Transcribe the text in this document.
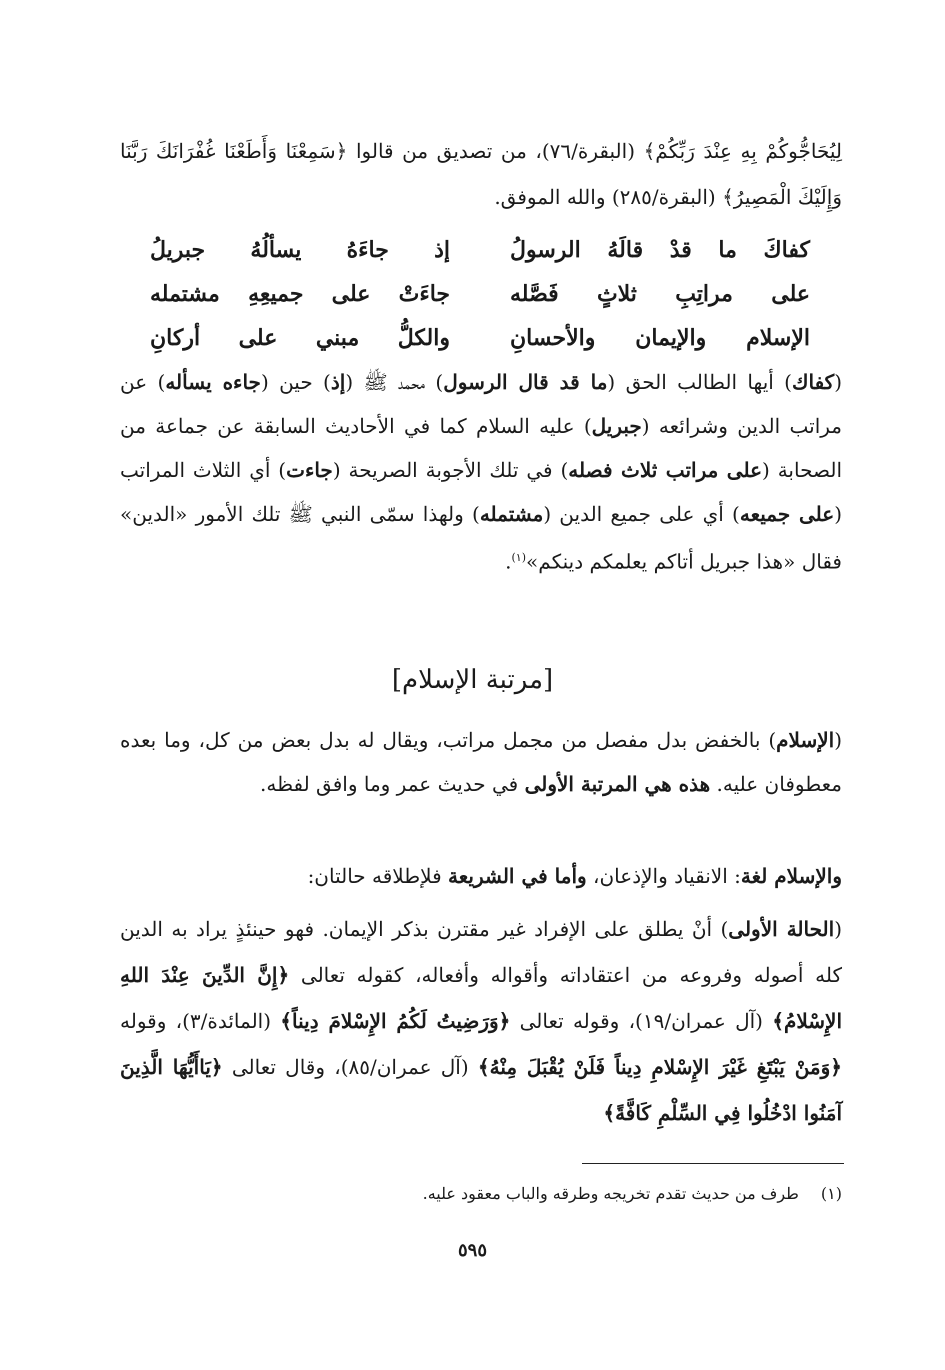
لِيُحَاجُّوكُمْ بِهِ عِنْدَ رَبِّكُمْ﴾ (البقرة/٧٦)، من تصديق من قالوا ﴿سَمِعْنَا وَأَطَعْنَا غُفْرَانَكَ رَبَّنَا وَإِلَيْكَ الْمَصِيرُ﴾ (البقرة/٢٨٥) والله الموفق.
كفاكَ ما قدْ قالَهُ الرسولُ
إذ جاءَهُ يسألُهُ جبريلُ
على مراتِبِ ثلاثٍ فَصَّله
جاءَتْ على جميعِهِ مشتمله
الإسلام والإيمان والأحسانِ
والكلُّ مبني على أركانِ
(كفاك) أيها الطالب الحق (ما قد قال الرسول) محمد ﷺ (إذ) حين (جاءه يسأله) عن مراتب الدين وشرائعه (جبريل) عليه السلام كما في الأحاديث السابقة عن جماعة من الصحابة (على مراتب ثلاث فصله) في تلك الأجوبة الصريحة (جاءت) أي الثلاث المراتب (على جميعه) أي على جميع الدين (مشتمله) ولهذا سمّى النبي ﷺ تلك الأمور «الدين» فقال «هذا جبريل أتاكم يعلمكم دينكم»$^{(١)}$.
[مرتبة الإسلام]
(الإسلام) بالخفض بدل مفصل من مجمل مراتب، ويقال له بدل بعض من كل، وما بعده معطوفان عليه. هذه هي المرتبة الأولى في حديث عمر وما وافق لفظه.
والإسلام لغة: الانقياد والإذعان، وأما في الشريعة فلإطلاقه حالتان:
(الحالة الأولى) أنْ يطلق على الإفراد غير مقترن بذكر الإيمان. فهو حينئذٍ يراد به الدين كله أصوله وفروعه من اعتقاداته وأقواله وأفعاله، كقوله تعالى ﴿إِنَّ الدِّينَ عِنْدَ اللهِ الإِسْلامُ﴾ (آل عمران/١٩)، وقوله تعالى ﴿وَرَضِيتُ لَكُمُ الإِسْلامَ دِيناً﴾ (المائدة/٣)، وقوله ﴿وَمَنْ يَبْتَغِ غَيْرَ الإِسْلامِ دِيناً فَلَنْ يُقْبَلَ مِنْهُ﴾ (آل عمران/٨٥)، وقال تعالى ﴿يَاأَيُّهَا الَّذِينَ آمَنُوا ادْخُلُوا فِي السِّلْمِ كَافَّةً﴾
(١)طرف من حديث تقدم تخريجه وطرقه والباب معقود عليه.
٥٩٥
